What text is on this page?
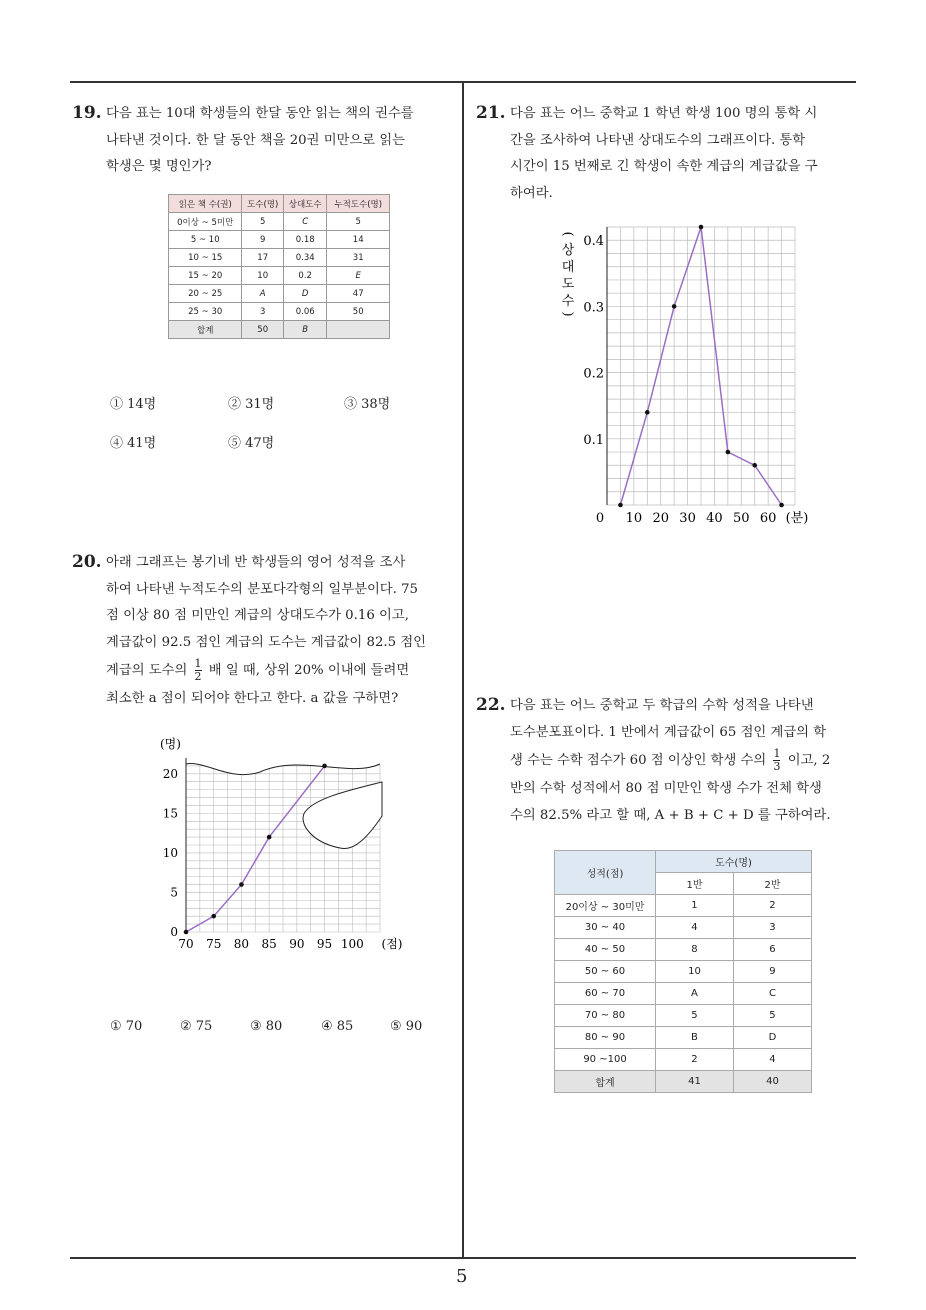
19. 다음 표는 10대 학생들의 한달 동안 읽는 책의 권수를
나타낸 것이다. 한 달 동안 책을 20권 미만으로 읽는
학생은 몇 명인가?
읽은 책 수(권)	도수(명)	상대도수	누적도수(명)
0이상 ~ 5미만	5	C	5
5 ~ 10	9	0.18	14
10 ~ 15	17	0.34	31
15 ~ 20	10	0.2	E
20 ~ 25	A	D	47
25 ~ 30	3	0.06	50
합계	50	B	
① 14명	② 31명	③ 38명
④ 41명	⑤ 47명
20. 아래 그래프는 봉기네 반 학생들의 영어 성적을 조사
하여 나타낸 누적도수의 분포다각형의 일부분이다. 75
점 이상 80 점 미만인 계급의 상대도수가 0.16 이고,
계급값이 92.5 점인 계급의 도수는 계급값이 82.5 점인
계급의 도수의 $\frac{1}{2}$ 배 일 때, 상위 20% 이내에 들려면
최소한 a 점이 되어야 한다고 한다. a 값을 구하면?
0
5
10
15
20
70 75 80 85 90 95 100
(명)
(점)
① 70	② 75	③ 80	④ 85	⑤ 90
21. 다음 표는 어느 중학교 1 학년 학생 100 명의 통학 시
간을 조사하여 나타낸 상대도수의 그래프이다. 통학
시간이 15 번째로 긴 학생이 속한 계급의 계급값을 구
하여라.
0.1
0.2
0.3
0.4
0 10 20 30 40 50 60
(
상
대
도
수
)
(분)
22. 다음 표는 어느 중학교 두 학급의 수학 성적을 나타낸
도수분포표이다. 1 반에서 계급값이 65 점인 계급의 학
생 수는 수학 점수가 60 점 이상인 학생 수의 $\frac{1}{3}$ 이고, 2
반의 수학 성적에서 80 점 미만인 학생 수가 전체 학생
수의 82.5% 라고 할 때, A + B + C + D 를 구하여라.
성적(점)	도수(명)	
	1반	2반
20이상 ~ 30미만	1	2
30 ~ 40	4	3
40 ~ 50	8	6
50 ~ 60	10	9
60 ~ 70	A	C
70 ~ 80	5	5
80 ~ 90	B	D
90 ~100	2	4
합계	41	40
5
